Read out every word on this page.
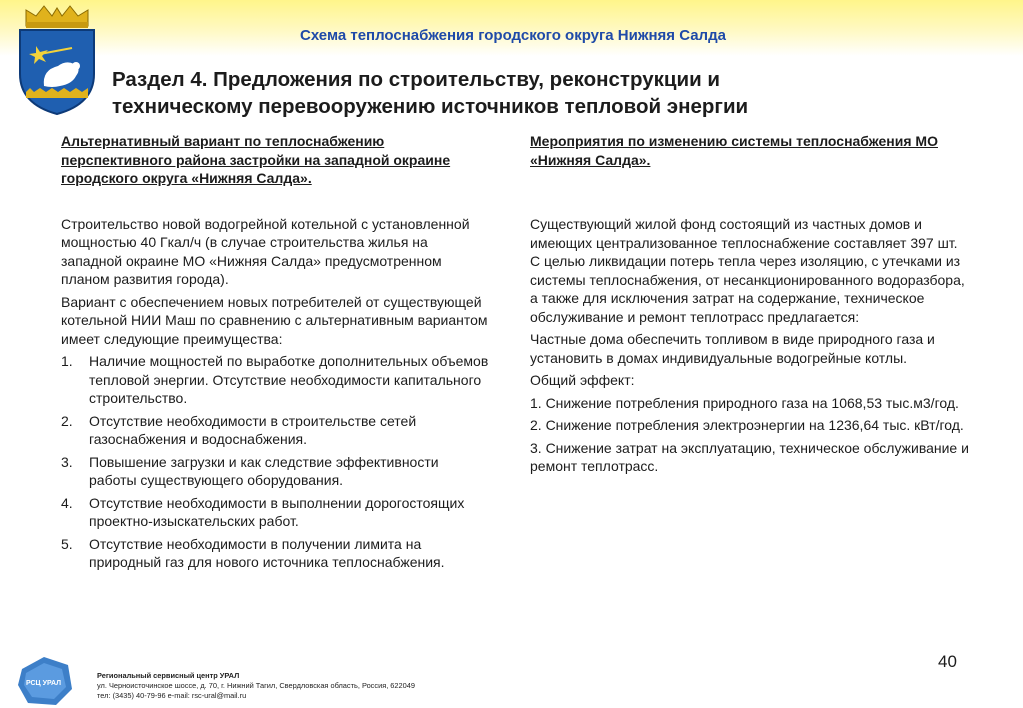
Схема теплоснабжения городского округа Нижняя Салда
Раздел 4. Предложения по строительству, реконструкции и
техническому перевооружению источников тепловой энергии

Альтернативный вариант по теплоснабжению перспективного района застройки на западной окраине городского округа «Нижняя Салда».

Строительство новой водогрейной котельной с установленной мощностью 40 Гкал/ч (в случае строительства жилья на западной окраине МО «Нижняя Салда» предусмотренном планом развития города).

Вариант с обеспечением новых потребителей от существующей котельной НИИ Маш по сравнению с альтернативным вариантом имеет следующие преимущества:

1.	Наличие мощностей по выработке дополнительных объемов тепловой энергии. Отсутствие необходимости капитального строительство.
2.	Отсутствие необходимости в строительстве сетей газоснабжения и водоснабжения.
3.	Повышение загрузки и как следствие эффективности работы существующего оборудования.
4.	Отсутствие необходимости в выполнении дорогостоящих проектно-изыскательских работ.
5.	Отсутствие необходимости в получении лимита на природный газ для нового источника теплоснабжения.

Мероприятия по изменению системы теплоснабжения МО «Нижняя Салда».

Существующий жилой фонд состоящий из частных домов и имеющих централизованное теплоснабжение составляет 397 шт. С целью ликвидации потерь тепла через изоляцию, с утечками из системы теплоснабжения, от несанкционированного водоразбора, а также для исключения затрат на содержание, техническое обслуживание и ремонт теплотрасс предлагается:

Частные дома обеспечить топливом в виде природного газа и установить в домах индивидуальные водогрейные котлы.

Общий эффект:

1. Снижение потребления природного газа на 1068,53 тыс.м3/год.

2. Снижение потребления электроэнергии на 1236,64 тыс. кВт/год.

3. Снижение затрат на эксплуатацию, техническое обслуживание и ремонт теплотрасс.

40
РСЦ УРАЛ
Региональный сервисный центр УРАЛ
ул. Черноисточинское шоссе, д. 70, г. Нижний Тагил, Свердловская область, Россия, 622049
тел: (3435) 40-79-96 e-mail: rsc-ural@mail.ru
